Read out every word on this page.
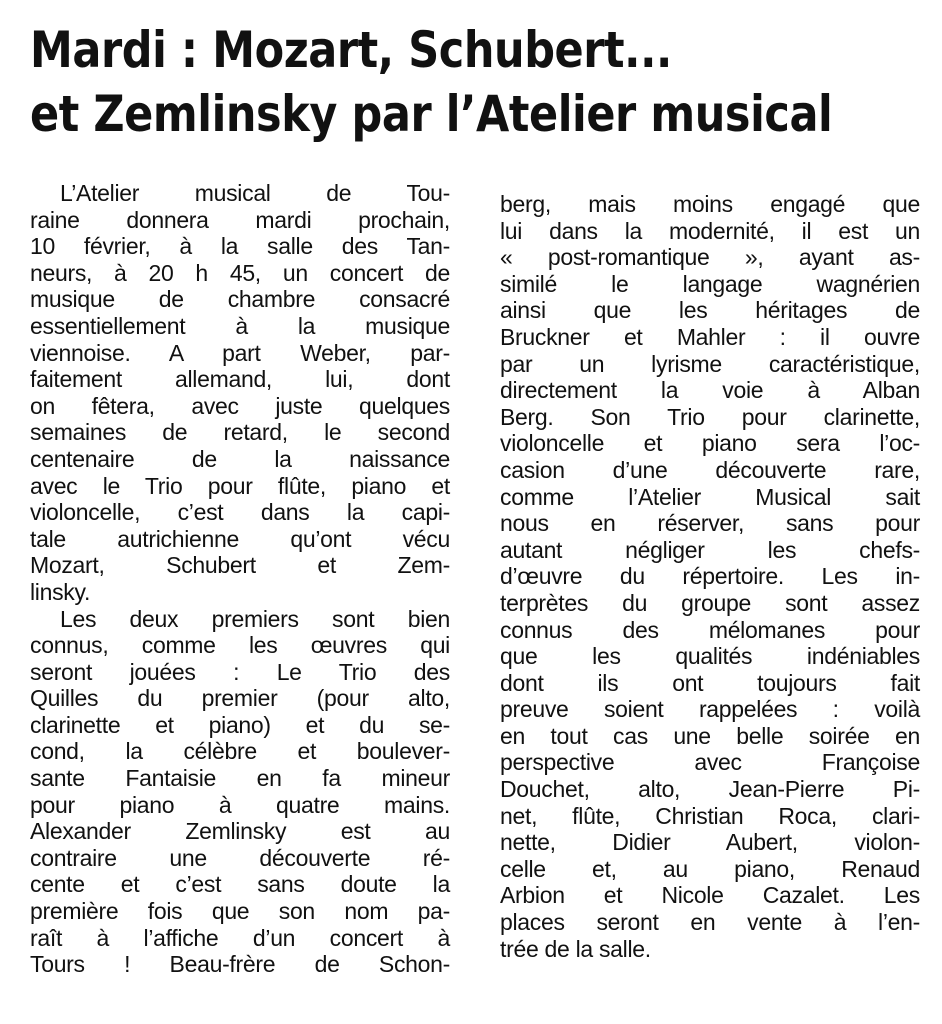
Mardi : Mozart, Schubert...
et Zemlinsky par l’Atelier musical
L’Atelier musical de Tou-
raine donnera mardi prochain,
10 février, à la salle des Tan-
neurs, à 20 h 45, un concert de
musique de chambre consacré
essentiellement à la musique
viennoise. A part Weber, par-
faitement allemand, lui, dont
on fêtera, avec juste quelques
semaines de retard, le second
centenaire de la naissance
avec le Trio pour flûte, piano et
violoncelle, c’est dans la capi-
tale autrichienne qu’ont vécu
Mozart, Schubert et Zem-
linsky.
Les deux premiers sont bien
connus, comme les œuvres qui
seront jouées : Le Trio des
Quilles du premier (pour alto,
clarinette et piano) et du se-
cond, la célèbre et boulever-
sante Fantaisie en fa mineur
pour piano à quatre mains.
Alexander Zemlinsky est au
contraire une découverte ré-
cente et c’est sans doute la
première fois que son nom pa-
raît à l’affiche d’un concert à
Tours ! Beau-frère de Schon-
berg, mais moins engagé que
lui dans la modernité, il est un
« post-romantique », ayant as-
similé le langage wagnérien
ainsi que les héritages de
Bruckner et Mahler : il ouvre
par un lyrisme caractéristique,
directement la voie à Alban
Berg. Son Trio pour clarinette,
violoncelle et piano sera l’oc-
casion d’une découverte rare,
comme l’Atelier Musical sait
nous en réserver, sans pour
autant négliger les chefs-
d’œuvre du répertoire. Les in-
terprètes du groupe sont assez
connus des mélomanes pour
que les qualités indéniables
dont ils ont toujours fait
preuve soient rappelées : voilà
en tout cas une belle soirée en
perspective avec Françoise
Douchet, alto, Jean-Pierre Pi-
net, flûte, Christian Roca, clari-
nette, Didier Aubert, violon-
celle et, au piano, Renaud
Arbion et Nicole Cazalet. Les
places seront en vente à l’en-
trée de la salle.
